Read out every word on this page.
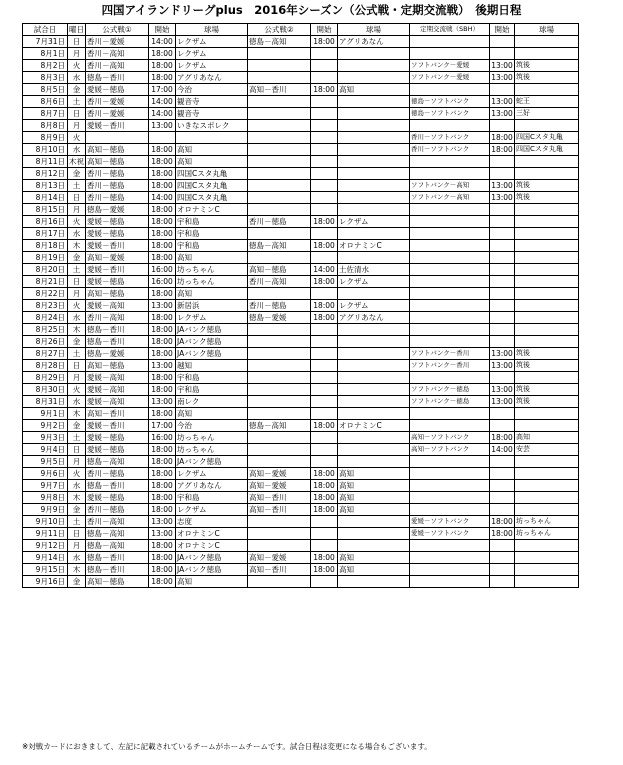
四国アイランドリーグplus　2016年シーズン（公式戦・定期交流戦）　後期日程
試合日	曜日	公式戦①	開始	球場	公式戦②	開始	球場	定期交流戦（SBH）	開始	球場
7月31日	日	香川－愛媛	14:00	レクザム	徳島－高知	18:00	アグリあなん			
8月1日	月	香川－高知	18:00	レクザム						
8月2日	火	香川－高知	18:00	レクザム				ソフトバンク－愛媛	13:00	筑後
8月3日	水	徳島－香川	18:00	アグリあなん				ソフトバンク－愛媛	13:00	筑後
8月5日	金	愛媛－徳島	17:00	今治	高知－香川	18:00	高知			
8月6日	土	香川－愛媛	14:00	観音寺				徳島－ソフトバンク	13:00	蛇王
8月7日	日	香川－愛媛	14:00	観音寺				徳島－ソフトバンク	13:00	三好
8月8日	月	愛媛－香川	13:00	いきなスポレク						
8月9日	火							香川－ソフトバンク	18:00	四国Cスタ丸亀
8月10日	水	高知－徳島	18:00	高知				香川－ソフトバンク	18:00	四国Cスタ丸亀
8月11日	木祝	高知－徳島	18:00	高知						
8月12日	金	香川－徳島	18:00	四国Cスタ丸亀						
8月13日	土	香川－徳島	18:00	四国Cスタ丸亀				ソフトバンク－高知	13:00	筑後
8月14日	日	香川－徳島	14:00	四国Cスタ丸亀				ソフトバンク－高知	13:00	筑後
8月15日	月	徳島－愛媛	18:00	オロナミンC						
8月16日	火	愛媛－徳島	18:00	宇和島	香川－徳島	18:00	レクザム			
8月17日	水	愛媛－徳島	18:00	宇和島						
8月18日	木	愛媛－香川	18:00	宇和島	徳島－高知	18:00	オロナミンC			
8月19日	金	高知－愛媛	18:00	高知						
8月20日	土	愛媛－香川	16:00	坊っちゃん	高知－徳島	14:00	土佐清水			
8月21日	日	愛媛－徳島	16:00	坊っちゃん	香川－高知	18:00	レクザム			
8月22日	月	高知－徳島	18:00	高知						
8月23日	火	愛媛－高知	13:00	新居浜	香川－徳島	18:00	レクザム			
8月24日	水	香川－高知	18:00	レクザム	徳島－愛媛	18:00	アグリあなん			
8月25日	木	徳島－香川	18:00	JAバンク徳島						
8月26日	金	徳島－香川	18:00	JAバンク徳島						
8月27日	土	徳島－愛媛	18:00	JAバンク徳島				ソフトバンク－香川	13:00	筑後
8月28日	日	高知－徳島	13:00	越知				ソフトバンク－香川	13:00	筑後
8月29日	月	愛媛－高知	18:00	宇和島						
8月30日	火	愛媛－高知	18:00	宇和島				ソフトバンク－徳島	13:00	筑後
8月31日	水	愛媛－高知	13:00	南レク				ソフトバンク－徳島	13:00	筑後
9月1日	木	高知－香川	18:00	高知						
9月2日	金	愛媛－香川	17:00	今治	徳島－高知	18:00	オロナミンC			
9月3日	土	愛媛－徳島	16:00	坊っちゃん				高知－ソフトバンク	18:00	高知
9月4日	日	愛媛－徳島	18:00	坊っちゃん				高知－ソフトバンク	14:00	安芸
9月5日	月	徳島－高知	18:00	JAバンク徳島						
9月6日	火	香川－徳島	18:00	レクザム	高知－愛媛	18:00	高知			
9月7日	水	徳島－香川	18:00	アグリあなん	高知－愛媛	18:00	高知			
9月8日	木	愛媛－徳島	18:00	宇和島	高知－香川	18:00	高知			
9月9日	金	香川－徳島	18:00	レクザム	高知－香川	18:00	高知			
9月10日	土	香川－高知	13:00	志度				愛媛－ソフトバンク	18:00	坊っちゃん
9月11日	日	徳島－高知	13:00	オロナミンC				愛媛－ソフトバンク	18:00	坊っちゃん
9月12日	月	徳島－高知	18:00	オロナミンC						
9月14日	水	徳島－香川	18:00	JAバンク徳島	高知－愛媛	18:00	高知			
9月15日	木	徳島－香川	18:00	JAバンク徳島	高知－香川	18:00	高知			
9月16日	金	高知－徳島	18:00	高知						
※対戦カードにおきまして、左記に記載されているチームがホームチームです。試合日程は変更になる場合もございます。
